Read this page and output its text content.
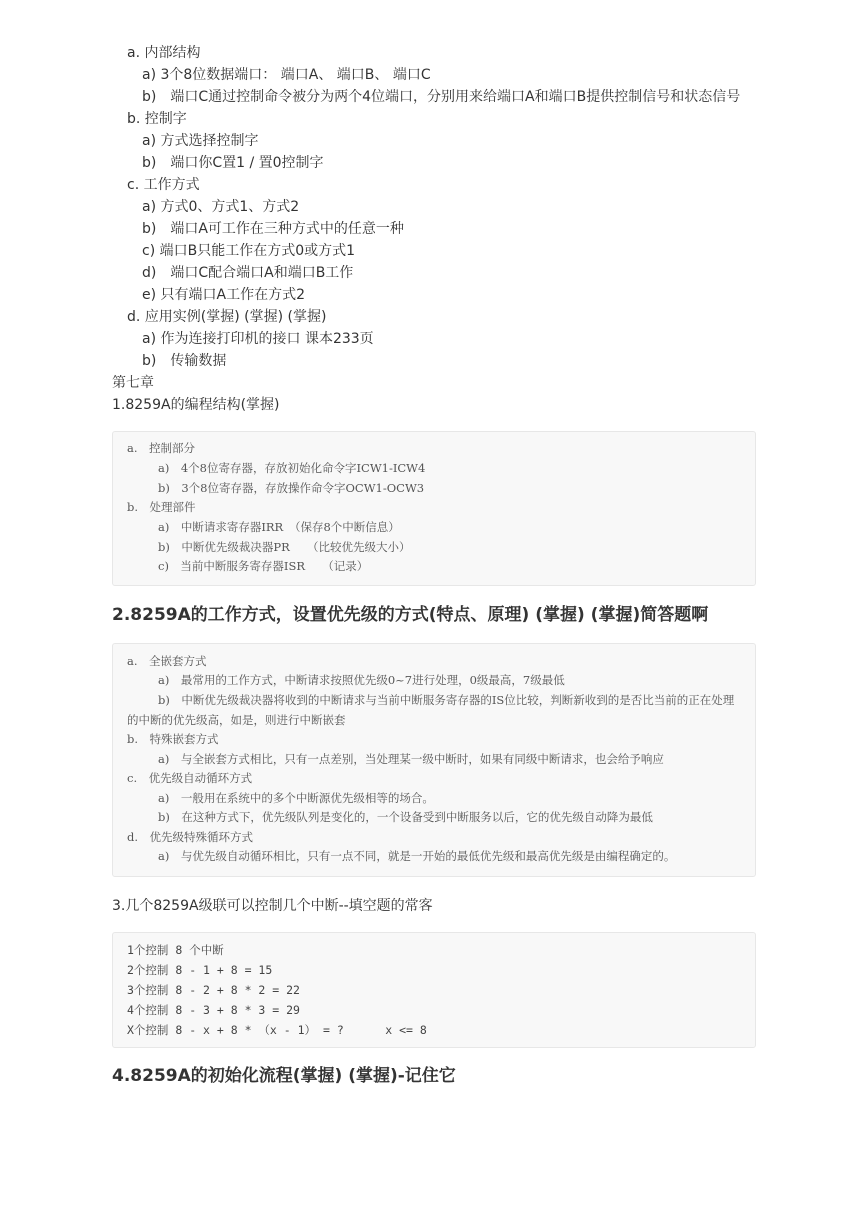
a. 内部结构
a) 3个8位数据端口： 端口A、 端口B、 端口C
b)　端口C通过控制命令被分为两个4位端口，分别用来给端口A和端口B提供控制信号和状态信号
b. 控制字
a) 方式选择控制字
b)　端口你C置1 / 置0控制字
c. 工作方式
a) 方式0、方式1、方式2
b)　端口A可工作在三种方式中的任意一种
c) 端口B只能工作在方式0或方式1
d)　端口C配合端口A和端口B工作
e) 只有端口A工作在方式2
d. 应用实例(掌握) (掌握) (掌握)
a) 作为连接打印机的接口 课本233页
b)　传输数据
第七章
1.8259A的编程结构(掌握)
a.　控制部分
a)　4个8位寄存器，存放初始化命令字ICW1-ICW4
b)　3个8位寄存器，存放操作命令字OCW1-OCW3
b.　处理部件
a)　中断请求寄存器IRR　（保存8个中断信息）
b)　中断优先级裁决器PR　　（比较优先级大小）
c)　当前中断服务寄存器ISR　　（记录）
2.8259A的工作方式，设置优先级的方式(特点、原理) (掌握) (掌握)简答题啊
a.　全嵌套方式
a)　最常用的工作方式，中断请求按照优先级0~7进行处理，0级最高，7级最低
b)　中断优先级裁决器将收到的中断请求与当前中断服务寄存器的IS位比较，判断新收到的是否比当前的正在处理的中断的优先级高，如是，则进行中断嵌套
b.　特殊嵌套方式
a)　与全嵌套方式相比，只有一点差别，当处理某一级中断时，如果有同级中断请求，也会给予响应
c.　优先级自动循环方式
a)　一般用在系统中的多个中断源优先级相等的场合。
b)　在这种方式下，优先级队列是变化的，一个设备受到中断服务以后，它的优先级自动降为最低
d.　优先级特殊循环方式
a)　与优先级自动循环相比，只有一点不同，就是一开始的最低优先级和最高优先级是由编程确定的。
3.几个8259A级联可以控制几个中断--填空题的常客
1个控制 8 个中断
2个控制 8 - 1 + 8 = 15
3个控制 8 - 2 + 8 * 2 = 22
4个控制 8 - 3 + 8 * 3 = 29
X个控制 8 - x + 8 * （x - 1） = ?      x <= 8
4.8259A的初始化流程(掌握) (掌握)-记住它
